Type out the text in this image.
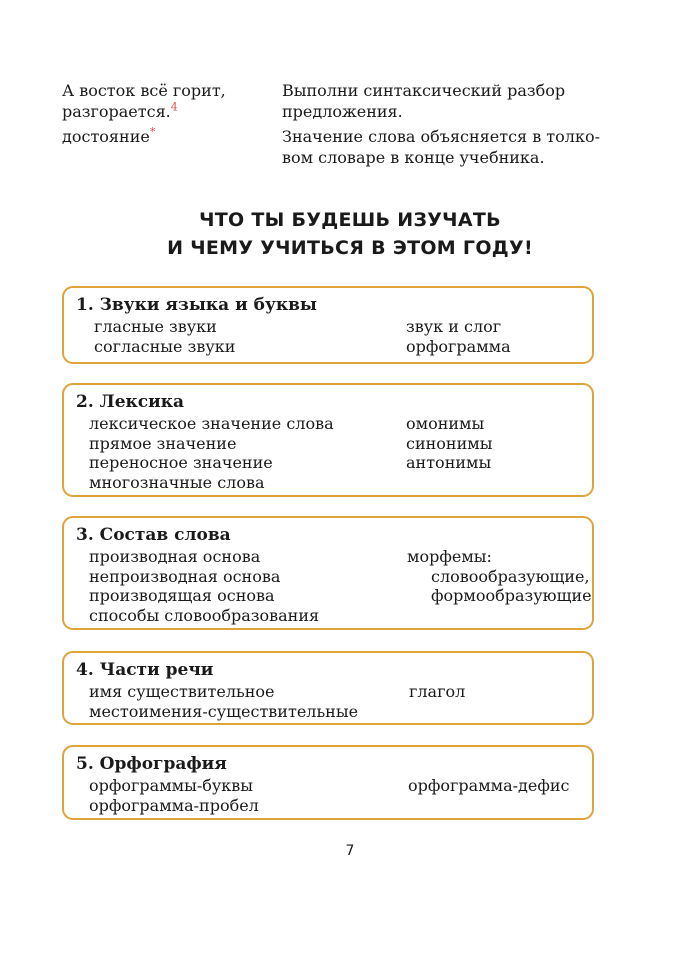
А восток всё горит, разгорается.$^4$
Выполни синтаксический разбор
предложения.
достояние*	Значение слова объясняется в толко-
вом словаре в конце учебника.
ЧТО ТЫ БУДЕШЬ ИЗУЧАТЬ
И ЧЕМУ УЧИТЬСЯ В ЭТОМ ГОДУ!
1. Звуки языка и буквы
гласные звуки
согласные звуки
звук и слог
орфограмма
2. Лексика
лексическое значение слова
прямое значение
переносное значение
многозначные слова
омонимы
синонимы
антонимы
3. Состав слова
производная основа
непроизводная основа
производящая основа
способы словообразования
морфемы:
словообразующие,
формообразующие
4. Части речи
имя существительное
местоимения-существительные
глагол
5. Орфография
орфограммы-буквы
орфограмма-пробел
орфограмма-дефис
7
